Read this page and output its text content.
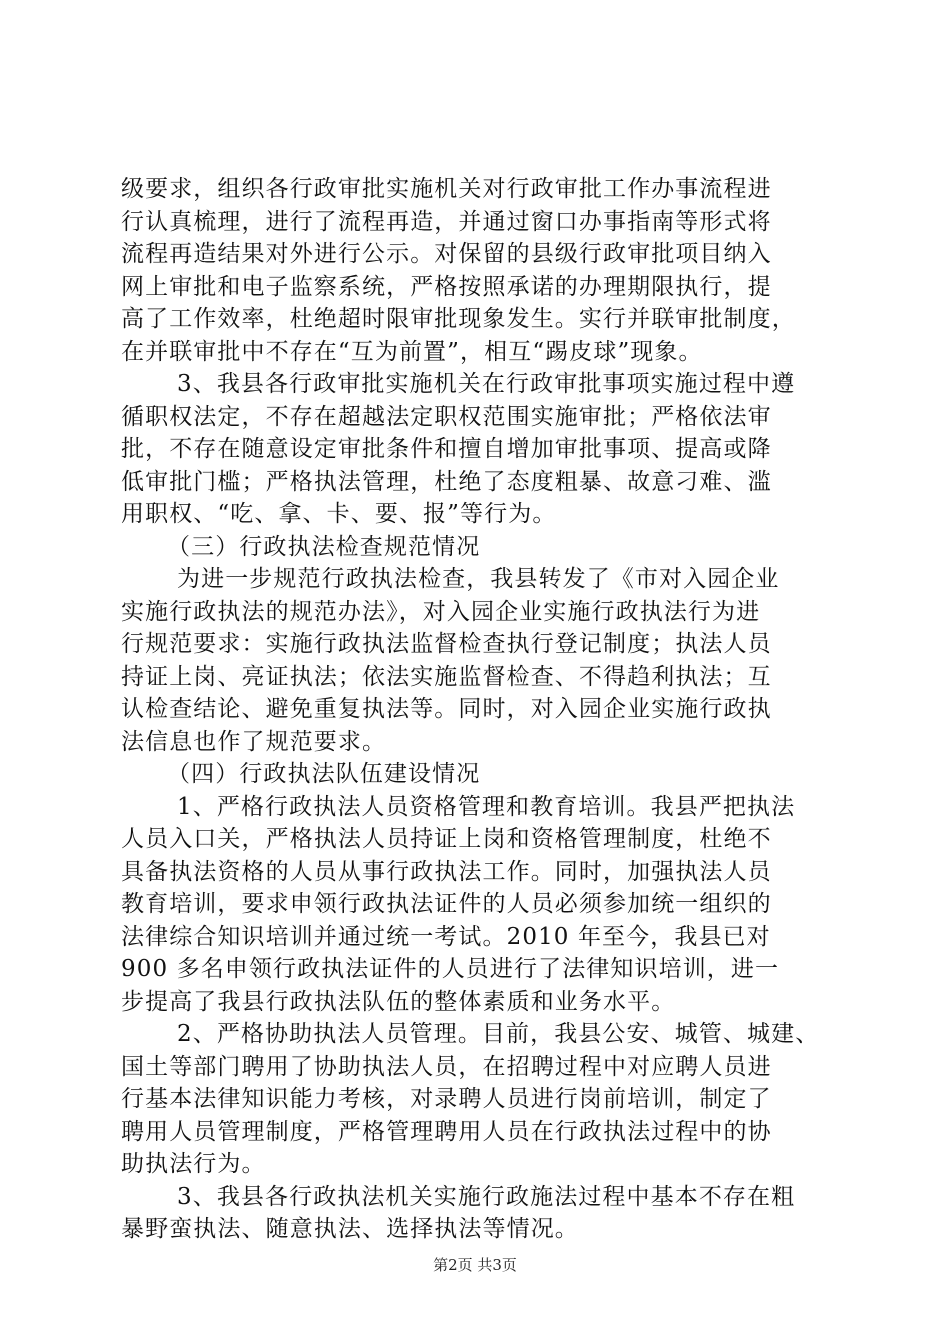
级要求，组织各行政审批实施机关对行政审批工作办事流程进
行认真梳理，进行了流程再造，并通过窗口办事指南等形式将
流程再造结果对外进行公示。对保留的县级行政审批项目纳入
网上审批和电子监察系统，严格按照承诺的办理期限执行，提
高了工作效率，杜绝超时限审批现象发生。实行并联审批制度，
在并联审批中不存在“互为前置”，相互“踢皮球”现象。
3、我县各行政审批实施机关在行政审批事项实施过程中遵
循职权法定，不存在超越法定职权范围实施审批；严格依法审
批，不存在随意设定审批条件和擅自增加审批事项、提高或降
低审批门槛；严格执法管理，杜绝了态度粗暴、故意刁难、滥
用职权、“吃、拿、卡、要、报”等行为。
（三）行政执法检查规范情况
为进一步规范行政执法检查，我县转发了《市对入园企业
实施行政执法的规范办法》，对入园企业实施行政执法行为进
行规范要求：实施行政执法监督检查执行登记制度；执法人员
持证上岗、亮证执法；依法实施监督检查、不得趋利执法；互
认检查结论、避免重复执法等。同时，对入园企业实施行政执
法信息也作了规范要求。
（四）行政执法队伍建设情况
1、严格行政执法人员资格管理和教育培训。我县严把执法
人员入口关，严格执法人员持证上岗和资格管理制度，杜绝不
具备执法资格的人员从事行政执法工作。同时，加强执法人员
教育培训，要求申领行政执法证件的人员必须参加统一组织的
法律综合知识培训并通过统一考试。2010 年至今，我县已对
900 多名申领行政执法证件的人员进行了法律知识培训，进一
步提高了我县行政执法队伍的整体素质和业务水平。
2、严格协助执法人员管理。目前，我县公安、城管、城建、
国土等部门聘用了协助执法人员，在招聘过程中对应聘人员进
行基本法律知识能力考核，对录聘人员进行岗前培训，制定了
聘用人员管理制度，严格管理聘用人员在行政执法过程中的协
助执法行为。
3、我县各行政执法机关实施行政施法过程中基本不存在粗
暴野蛮执法、随意执法、选择执法等情况。
第2页 共3页
